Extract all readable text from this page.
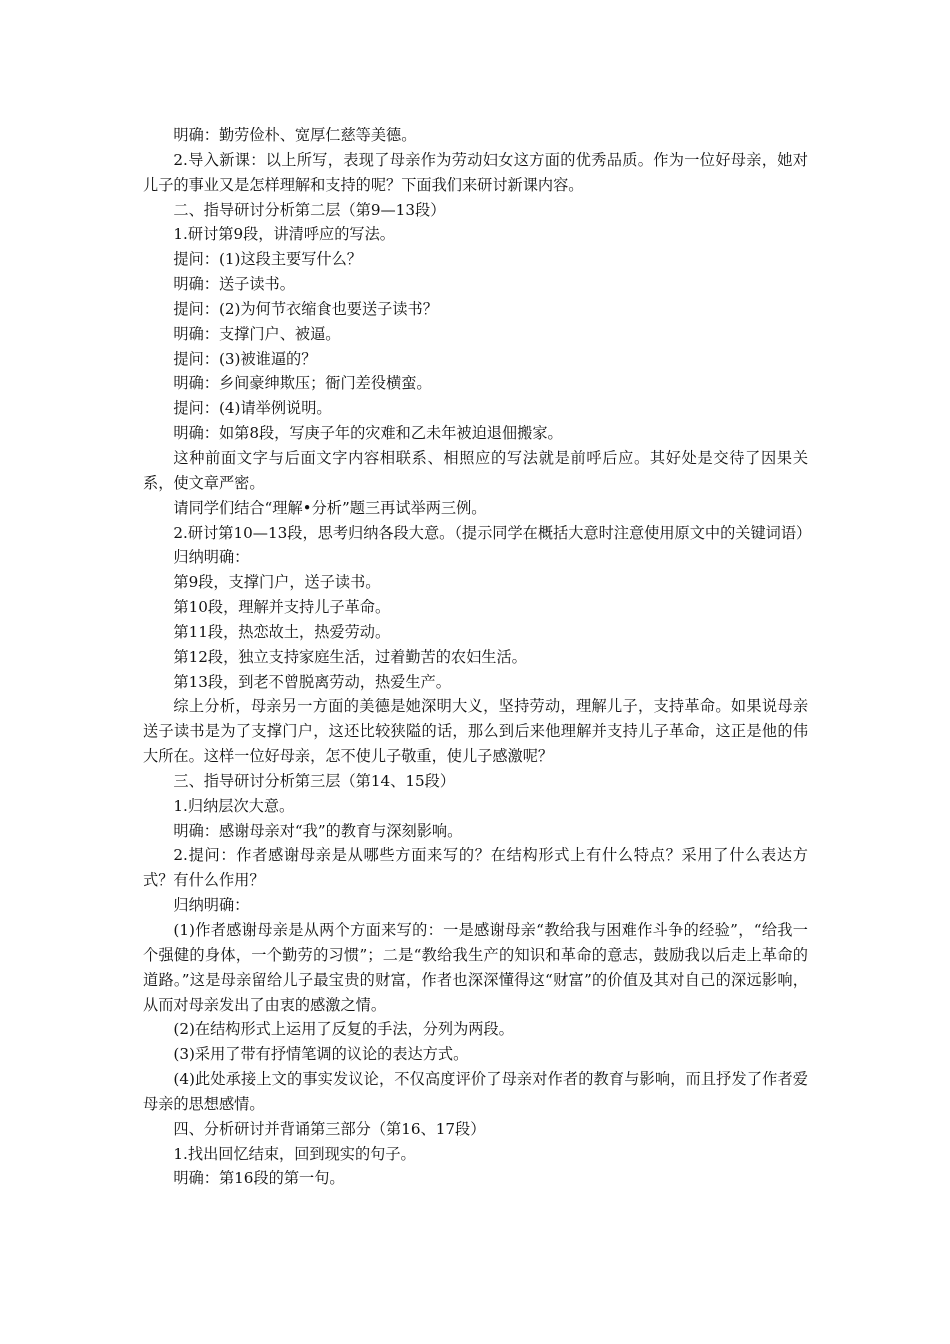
明确：勤劳俭朴、宽厚仁慈等美德。

2.导入新课：以上所写，表现了母亲作为劳动妇女这方面的优秀品质。作为一位好母亲，她对儿子的事业又是怎样理解和支持的呢？下面我们来研讨新课内容。

二、指导研讨分析第二层（第9—13段）

1.研讨第9段，讲清呼应的写法。

提问：(1)这段主要写什么？

明确：送子读书。

提问：(2)为何节衣缩食也要送子读书？

明确：支撑门户、被逼。

提问：(3)被谁逼的？

明确：乡间豪绅欺压；衙门差役横蛮。

提问：(4)请举例说明。

明确：如第8段，写庚子年的灾难和乙未年被迫退佃搬家。

这种前面文字与后面文字内容相联系、相照应的写法就是前呼后应。其好处是交待了因果关系，使文章严密。

请同学们结合“理解•分析”题三再试举两三例。

2.研讨第10—13段，思考归纳各段大意。（提示同学在概括大意时注意使用原文中的关键词语）

归纳明确：

第9段，支撑门户，送子读书。

第10段，理解并支持儿子革命。

第11段，热恋故土，热爱劳动。

第12段，独立支持家庭生活，过着勤苦的农妇生活。

第13段，到老不曾脱离劳动，热爱生产。

综上分析，母亲另一方面的美德是她深明大义，坚持劳动，理解儿子，支持革命。如果说母亲送子读书是为了支撑门户，这还比较狭隘的话，那么到后来他理解并支持儿子革命，这正是他的伟大所在。这样一位好母亲，怎不使儿子敬重，使儿子感激呢？

三、指导研讨分析第三层（第14、15段）

1.归纳层次大意。

明确：感谢母亲对“我”的教育与深刻影响。

2.提问：作者感谢母亲是从哪些方面来写的？在结构形式上有什么特点？采用了什么表达方式？有什么作用？

归纳明确：

(1)作者感谢母亲是从两个方面来写的：一是感谢母亲“教给我与困难作斗争的经验”，“给我一个强健的身体，一个勤劳的习惯”；二是“教给我生产的知识和革命的意志，鼓励我以后走上革命的道路。”这是母亲留给儿子最宝贵的财富，作者也深深懂得这“财富”的价值及其对自己的深远影响，从而对母亲发出了由衷的感激之情。

(2)在结构形式上运用了反复的手法，分列为两段。

(3)采用了带有抒情笔调的议论的表达方式。

(4)此处承接上文的事实发议论，不仅高度评价了母亲对作者的教育与影响，而且抒发了作者爱母亲的思想感情。

四、分析研讨并背诵第三部分（第16、17段）

1.找出回忆结束，回到现实的句子。

明确：第16段的第一句。
